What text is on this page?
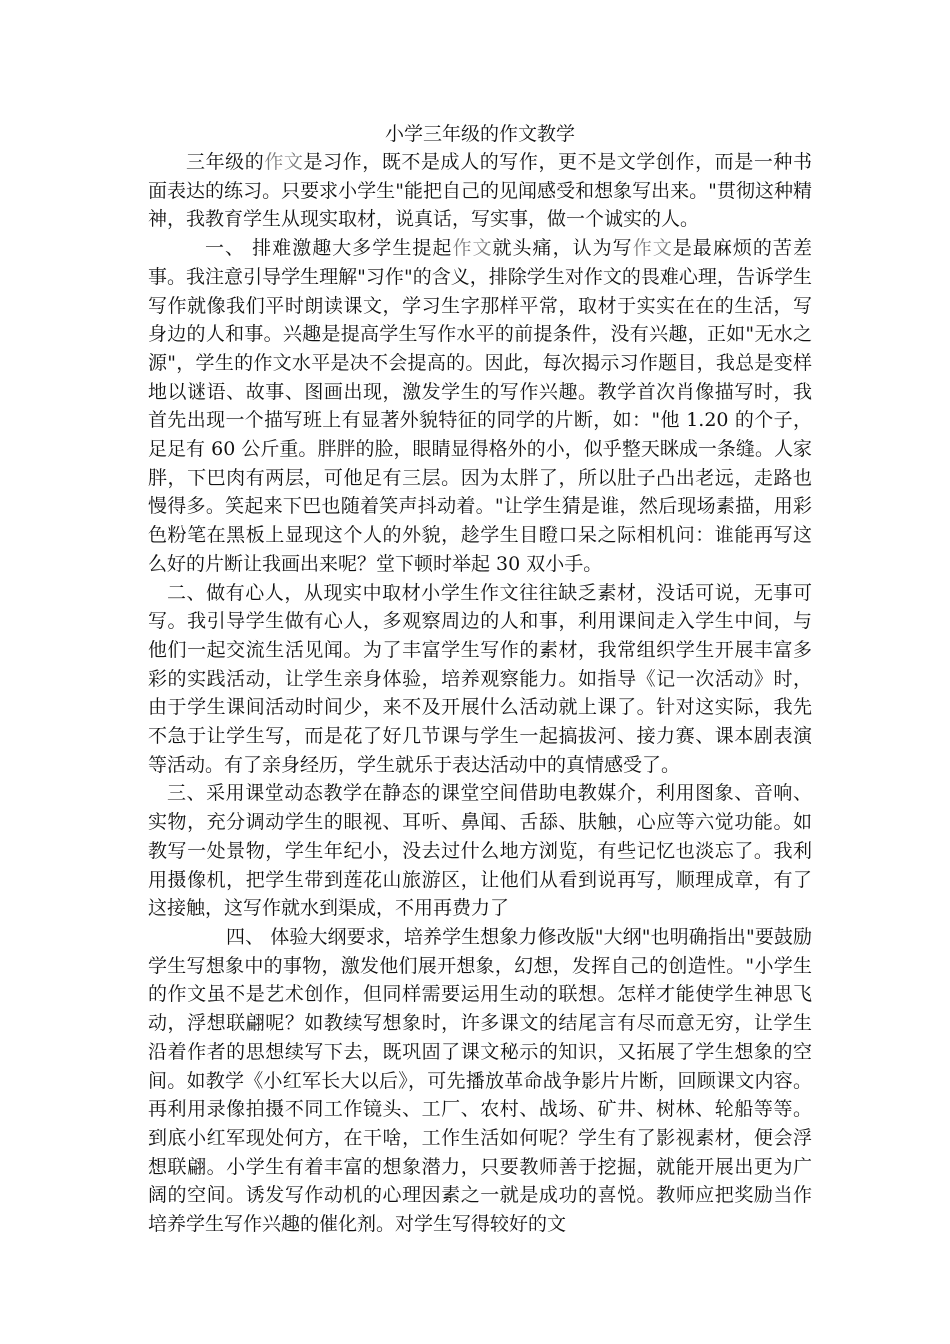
小学三年级的作文教学

三年级的作文是习作，既不是成人的写作，更不是文学创作，而是一种书面表达的练习。只要求小学生"能把自己的见闻感受和想象写出来。"贯彻这种精神，我教育学生从现实取材，说真话，写实事，做一个诚实的人。

一、 排难激趣大多学生提起作文就头痛，认为写作文是最麻烦的苦差事。我注意引导学生理解"习作"的含义，排除学生对作文的畏难心理，告诉学生写作就像我们平时朗读课文，学习生字那样平常，取材于实实在在的生活，写身边的人和事。兴趣是提高学生写作水平的前提条件，没有兴趣，正如"无水之源"，学生的作文水平是决不会提高的。因此，每次揭示习作题目，我总是变样地以谜语、故事、图画出现，激发学生的写作兴趣。教学首次肖像描写时，我首先出现一个描写班上有显著外貌特征的同学的片断，如："他 1.20 的个子，足足有 60 公斤重。胖胖的脸，眼睛显得格外的小，似乎整天眯成一条缝。人家胖，下巴肉有两层，可他足有三层。因为太胖了，所以肚子凸出老远，走路也慢得多。笑起来下巴也随着笑声抖动着。"让学生猜是谁，然后现场素描，用彩色粉笔在黑板上显现这个人的外貌，趁学生目瞪口呆之际相机问：谁能再写这么好的片断让我画出来呢？堂下顿时举起 30 双小手。

二、做有心人，从现实中取材小学生作文往往缺乏素材，没话可说，无事可写。我引导学生做有心人，多观察周边的人和事，利用课间走入学生中间，与他们一起交流生活见闻。为了丰富学生写作的素材，我常组织学生开展丰富多彩的实践活动，让学生亲身体验，培养观察能力。如指导《记一次活动》时，由于学生课间活动时间少，来不及开展什么活动就上课了。针对这实际，我先不急于让学生写，而是花了好几节课与学生一起搞拔河、接力赛、课本剧表演等活动。有了亲身经历，学生就乐于表达活动中的真情感受了。

三、采用课堂动态教学在静态的课堂空间借助电教媒介，利用图象、音响、实物，充分调动学生的眼视、耳听、鼻闻、舌舔、肤触，心应等六觉功能。如教写一处景物，学生年纪小，没去过什么地方浏览，有些记忆也淡忘了。我利用摄像机，把学生带到莲花山旅游区，让他们从看到说再写，顺理成章，有了这接触，这写作就水到渠成，不用再费力了

四、 体验大纲要求，培养学生想象力修改版"大纲"也明确指出"要鼓励学生写想象中的事物，激发他们展开想象，幻想，发挥自己的创造性。"小学生的作文虽不是艺术创作，但同样需要运用生动的联想。怎样才能使学生神思飞动，浮想联翩呢？如教续写想象时，许多课文的结尾言有尽而意无穷，让学生沿着作者的思想续写下去，既巩固了课文秘示的知识，又拓展了学生想象的空间。如教学《小红军长大以后》，可先播放革命战争影片片断，回顾课文内容。再利用录像拍摄不同工作镜头、工厂、农村、战场、矿井、树林、轮船等等。到底小红军现处何方，在干啥，工作生活如何呢？学生有了影视素材，便会浮想联翩。小学生有着丰富的想象潜力，只要教师善于挖掘，就能开展出更为广阔的空间。诱发写作动机的心理因素之一就是成功的喜悦。教师应把奖励当作培养学生写作兴趣的催化剂。对学生写得较好的文
